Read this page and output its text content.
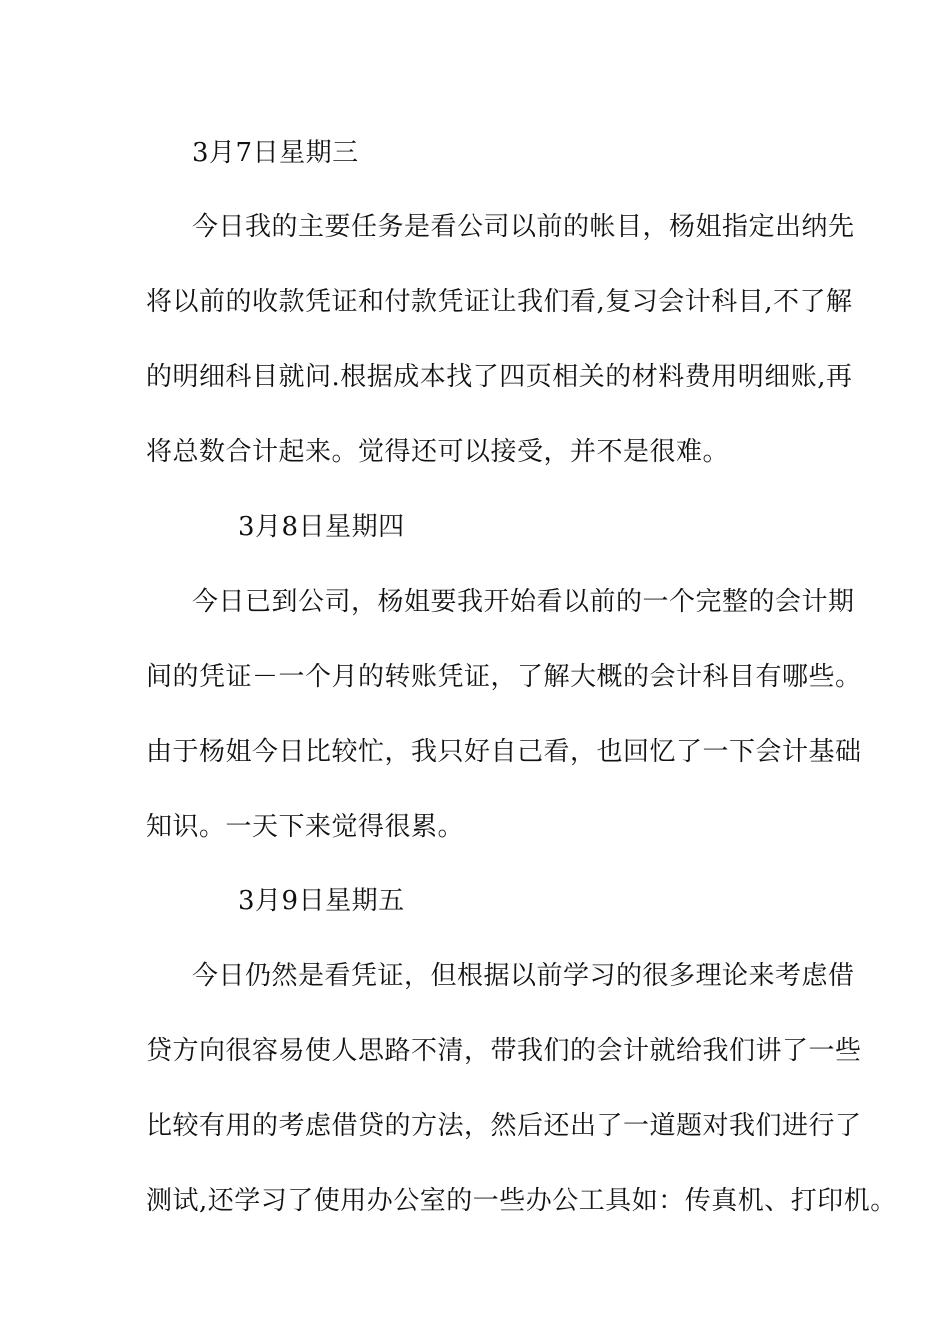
3月7日星期三
今日我的主要任务是看公司以前的帐目，杨姐指定出纳先
将以前的收款凭证和付款凭证让我们看,复习会计科目,不了解
的明细科目就问.根据成本找了四页相关的材料费用明细账,再
将总数合计起来。觉得还可以接受，并不是很难。
3月8日星期四
今日已到公司，杨姐要我开始看以前的一个完整的会计期
间的凭证－一个月的转账凭证，了解大概的会计科目有哪些。
由于杨姐今日比较忙，我只好自己看，也回忆了一下会计基础
知识。一天下来觉得很累。
3月9日星期五
今日仍然是看凭证，但根据以前学习的很多理论来考虑借
贷方向很容易使人思路不清，带我们的会计就给我们讲了一些
比较有用的考虑借贷的方法，然后还出了一道题对我们进行了
测试,还学习了使用办公室的一些办公工具如：传真机、打印机。
